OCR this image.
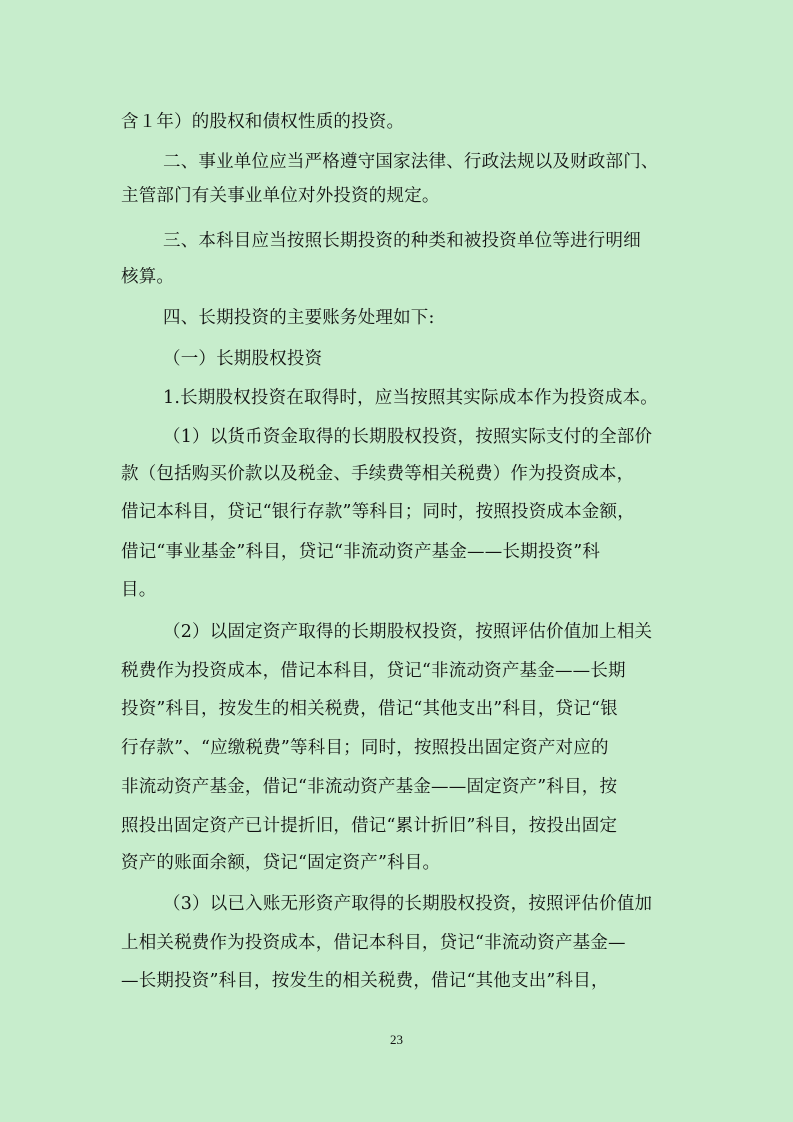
含１年）的股权和债权性质的投资。
二、事业单位应当严格遵守国家法律、行政法规以及财政部门、
主管部门有关事业单位对外投资的规定。
三、本科目应当按照长期投资的种类和被投资单位等进行明细
核算。
四、长期投资的主要账务处理如下:
（一）长期股权投资
1.长期股权投资在取得时，应当按照其实际成本作为投资成本。
（1）以货币资金取得的长期股权投资，按照实际支付的全部价
款（包括购买价款以及税金、手续费等相关税费）作为投资成本，
借记本科目，贷记“银行存款”等科目；同时，按照投资成本金额，
借记“事业基金”科目，贷记“非流动资产基金——长期投资”科
目。
（2）以固定资产取得的长期股权投资，按照评估价值加上相关
税费作为投资成本，借记本科目，贷记“非流动资产基金——长期
投资”科目，按发生的相关税费，借记“其他支出”科目，贷记“银
行存款”、“应缴税费”等科目；同时，按照投出固定资产对应的
非流动资产基金，借记“非流动资产基金——固定资产”科目，按
照投出固定资产已计提折旧，借记“累计折旧”科目，按投出固定
资产的账面余额，贷记“固定资产”科目。
（3）以已入账无形资产取得的长期股权投资，按照评估价值加
上相关税费作为投资成本，借记本科目，贷记“非流动资产基金—
—长期投资”科目，按发生的相关税费，借记“其他支出”科目，
23
